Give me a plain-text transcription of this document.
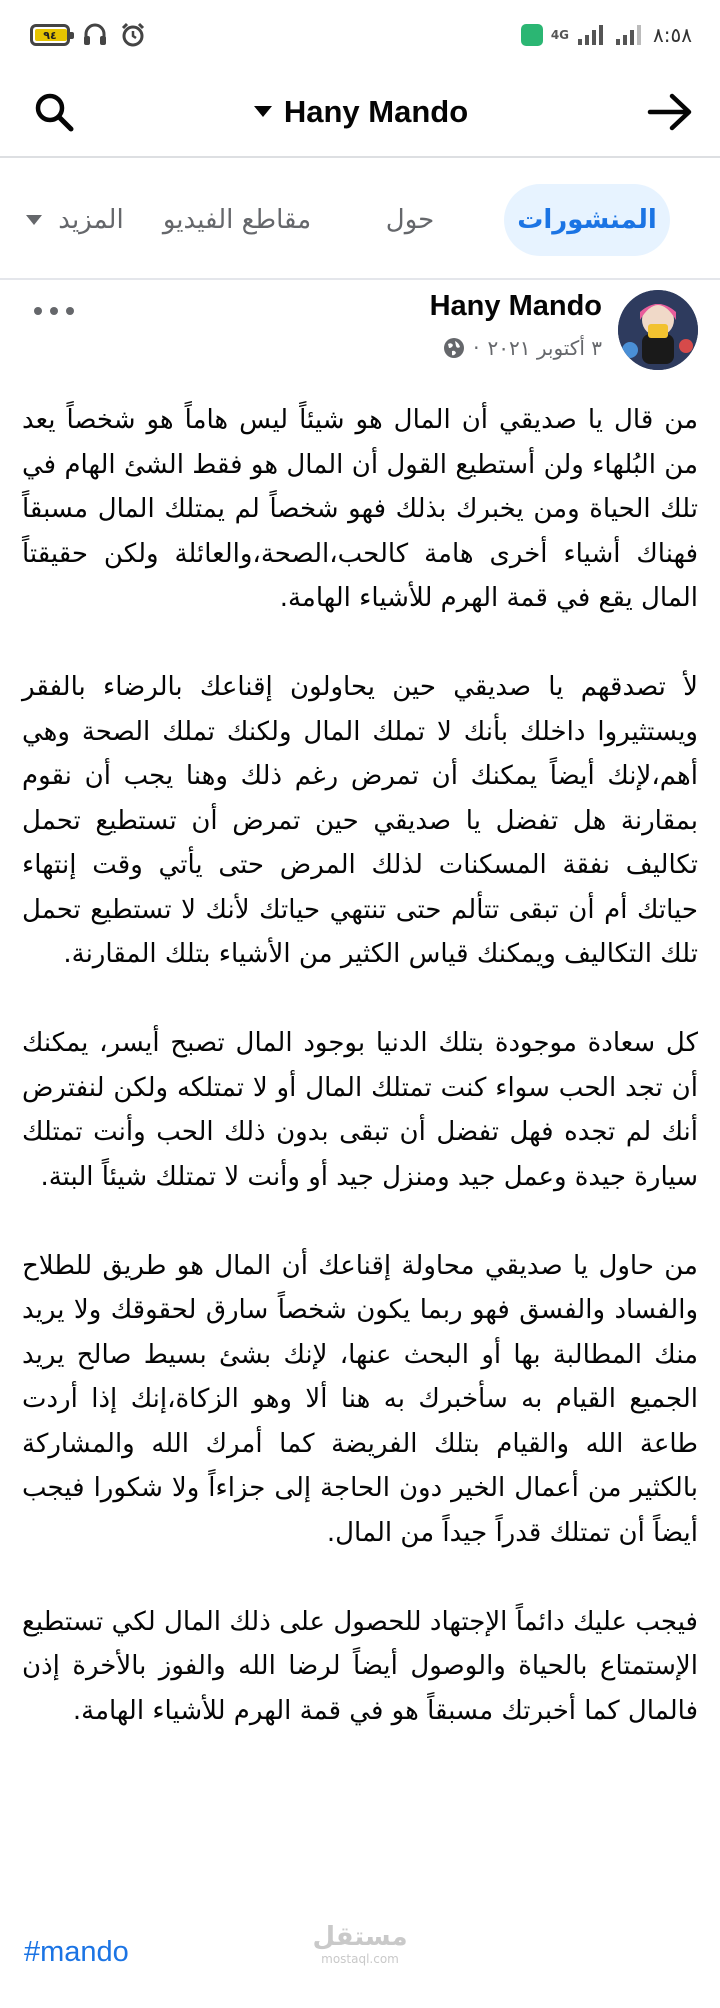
٩٤	4G	٨:٥٨
Hany Mando
المنشورات
حول
مقاطع الفيديو
المزيد
Hany Mando
٣ أكتوبر ٢٠٢١
·

من قال يا صديقي أن المال هو شيئاً ليس هاماً هو شخصاً يعد من البُلهاء ولن أستطيع القول أن المال هو فقط الشئ الهام في تلك الحياة ومن يخبرك بذلك فهو شخصاً لم يمتلك المال مسبقاً فهناك أشياء أخرى هامة كالحب،الصحة،والعائلة ولكن حقيقتاً المال يقع في قمة الهرم للأشياء الهامة.

لأ تصدقهم يا صديقي حين يحاولون إقناعك بالرضاء بالفقر ويستثيروا داخلك بأنك لا تملك المال ولكنك تملك الصحة وهي أهم،لإنك أيضاً يمكنك أن تمرض رغم ذلك وهنا يجب أن نقوم بمقارنة هل تفضل يا صديقي حين تمرض أن تستطيع تحمل تكاليف نفقة المسكنات لذلك المرض حتى يأتي وقت إنتهاء حياتك أم أن تبقى تتألم حتى تنتهي حياتك لأنك لا تستطيع تحمل تلك التكاليف ويمكنك قياس الكثير من الأشياء بتلك المقارنة.

كل سعادة موجودة بتلك الدنيا بوجود المال تصبح أيسر، يمكنك أن تجد الحب سواء كنت تمتلك المال أو لا تمتلكه ولكن لنفترض أنك لم تجده فهل تفضل أن تبقى بدون ذلك الحب وأنت تمتلك سيارة جيدة وعمل جيد ومنزل جيد أو وأنت لا تمتلك شيئاً البتة.

من حاول يا صديقي محاولة إقناعك أن المال هو طريق للطلاح والفساد والفسق فهو ربما يكون شخصاً سارق لحقوقك ولا يريد منك المطالبة بها أو البحث عنها، لإنك بشئ بسيط صالح يريد الجميع القيام به سأخبرك به هنا ألا وهو الزكاة،إنك إذا أردت طاعة الله والقيام بتلك الفريضة كما أمرك الله والمشاركة بالكثير من أعمال الخير دون الحاجة إلى جزاءاً ولا شكورا فيجب أيضاً أن تمتلك قدراً جيداً من المال.

فيجب عليك دائماً الإجتهاد للحصول على ذلك المال لكي تستطيع الإستمتاع بالحياة والوصول أيضاً لرضا الله والفوز بالأخرة إذن فالمال كما أخبرتك مسبقاً هو في قمة الهرم للأشياء الهامة.

#mando	مستقل
mostaql.com
